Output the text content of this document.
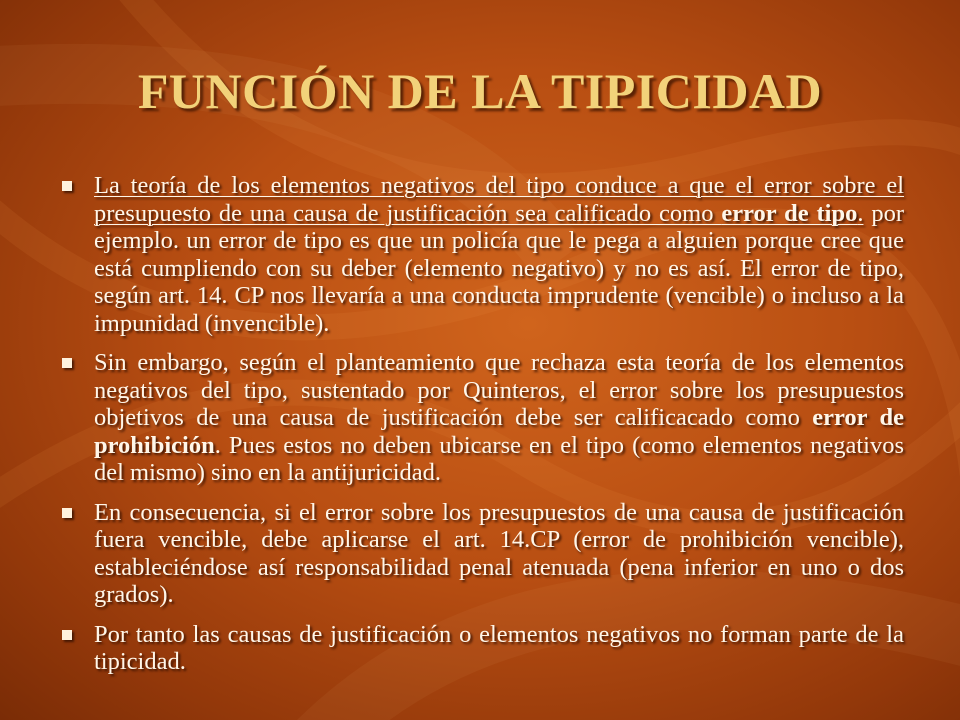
FUNCIÓN DE LA TIPICIDAD
La teoría de los elementos negativos del tipo conduce a que el error sobre el presupuesto de una causa de justificación sea calificado como error de tipo. por ejemplo. un error de tipo es que un policía que le pega a alguien porque cree que está cumpliendo con su deber (elemento negativo) y no es así. El error de tipo, según art. 14. CP nos llevaría a una conducta imprudente (vencible) o incluso a la impunidad (invencible).
Sin embargo, según el planteamiento que rechaza esta teoría de los elementos negativos del tipo, sustentado por Quinteros, el error sobre los presupuestos objetivos de una causa de justificación debe ser calificacado como error de prohibición. Pues estos no deben ubicarse en el tipo (como elementos negativos del mismo) sino en la antijuricidad.
En consecuencia, si el error sobre los presupuestos de una causa de justificación fuera vencible, debe aplicarse el art. 14.CP (error de prohibición vencible), estableciéndose así responsabilidad penal atenuada (pena inferior en uno o dos grados).
Por tanto las causas de justificación o elementos negativos no forman parte de la tipicidad.
